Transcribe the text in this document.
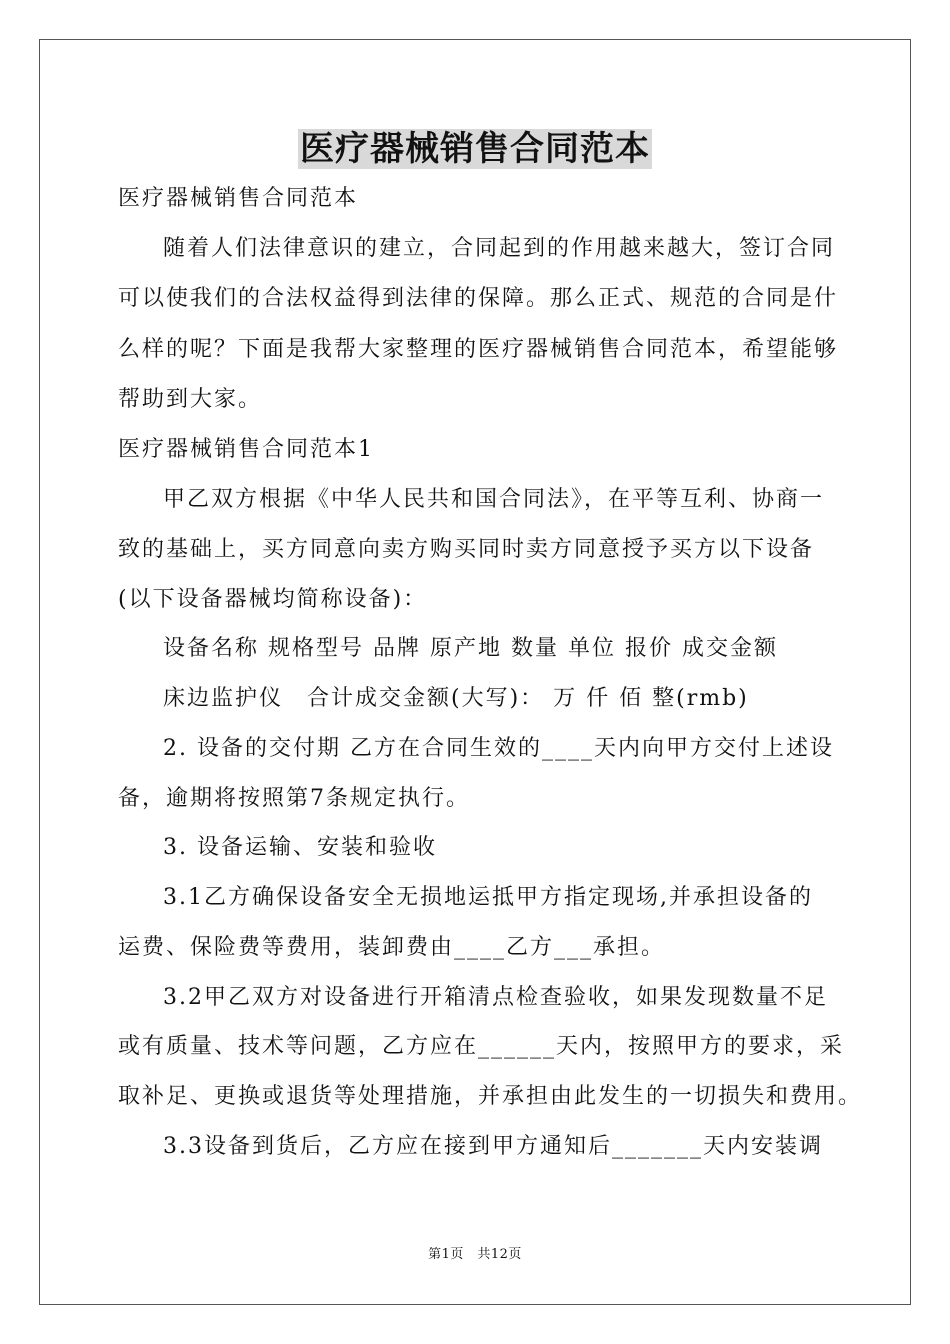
医疗器械销售合同范本

医疗器械销售合同范本

随着人们法律意识的建立，合同起到的作用越来越大，签订合同

可以使我们的合法权益得到法律的保障。那么正式、规范的合同是什

么样的呢？下面是我帮大家整理的医疗器械销售合同范本，希望能够

帮助到大家。

医疗器械销售合同范本1

甲乙双方根据《中华人民共和国合同法》，在平等互利、协商一

致的基础上，买方同意向卖方购买同时卖方同意授予买方以下设备

(以下设备器械均简称设备)：

设备名称 规格型号 品牌 原产地 数量 单位 报价 成交金额

床边监护仪　合计成交金额(大写)： 万 仟 佰 整(rmb)

2. 设备的交付期 乙方在合同生效的____天内向甲方交付上述设

备，逾期将按照第7条规定执行。

3. 设备运输、安装和验收

3.1乙方确保设备安全无损地运抵甲方指定现场,并承担设备的

运费、保险费等费用，装卸费由____乙方___承担。

3.2甲乙双方对设备进行开箱清点检查验收，如果发现数量不足

或有质量、技术等问题，乙方应在______天内，按照甲方的要求，采

取补足、更换或退货等处理措施，并承担由此发生的一切损失和费用。

3.3设备到货后，乙方应在接到甲方通知后_______天内安装调

第1页　共12页
